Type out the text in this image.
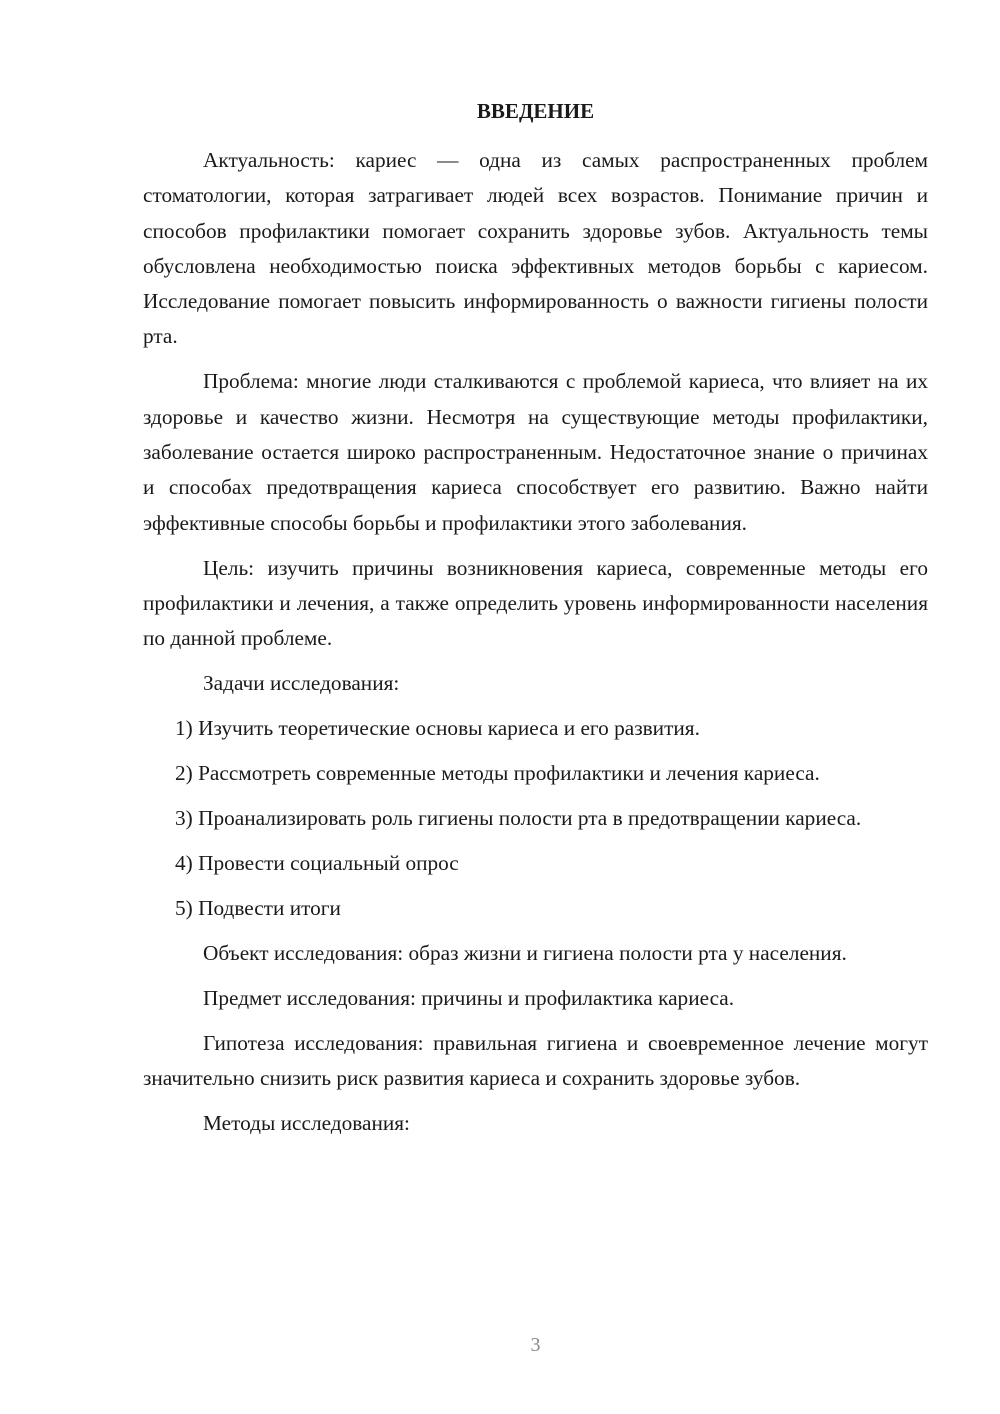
ВВЕДЕНИЕ

Актуальность: кариес — одна из самых распространенных проблем стоматологии, которая затрагивает людей всех возрастов. Понимание причин и способов профилактики помогает сохранить здоровье зубов. Актуальность темы обусловлена необходимостью поиска эффективных методов борьбы с кариесом. Исследование помогает повысить информированность о важности гигиены полости рта.

Проблема: многие люди сталкиваются с проблемой кариеса, что влияет на их здоровье и качество жизни. Несмотря на существующие методы профилактики, заболевание остается широко распространенным. Недостаточное знание о причинах и способах предотвращения кариеса способствует его развитию. Важно найти эффективные способы борьбы и профилактики этого заболевания.

Цель: изучить причины возникновения кариеса, современные методы его профилактики и лечения, а также определить уровень информированности населения по данной проблеме.

Задачи исследования:

1) Изучить теоретические основы кариеса и его развития.

2) Рассмотреть современные методы профилактики и лечения кариеса.

3) Проанализировать роль гигиены полости рта в предотвращении кариеса.

4) Провести социальный опрос

5) Подвести итоги

Объект исследования: образ жизни и гигиена полости рта у населения.

Предмет исследования: причины и профилактика кариеса.

Гипотеза исследования: правильная гигиена и своевременное лечение могут значительно снизить риск развития кариеса и сохранить здоровье зубов.

Методы исследования:

3
